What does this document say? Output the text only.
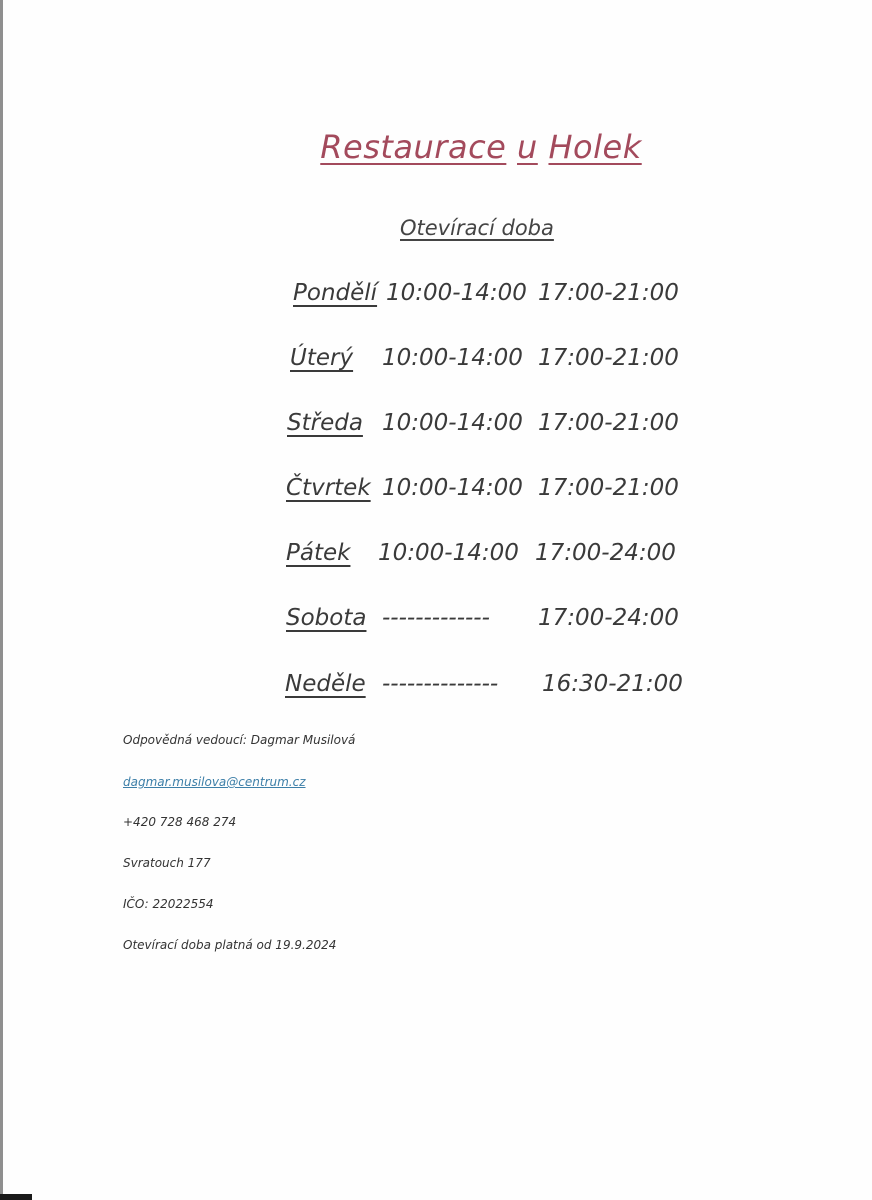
Restaurace u Holek
Otevírací doba
Pondělí 10:00-14:00 17:00-21:00
Úterý 10:00-14:00 17:00-21:00
Středa 10:00-14:00 17:00-21:00
Čtvrtek 10:00-14:00 17:00-21:00
Pátek 10:00-14:00 17:00-24:00
Sobota ------------- 17:00-24:00
Neděle -------------- 16:30-21:00
Odpovědná vedoucí: Dagmar Musilová
dagmar.musilova@centrum.cz
+420 728 468 274
Svratouch 177
IČO: 22022554
Otevírací doba platná od 19.9.2024
